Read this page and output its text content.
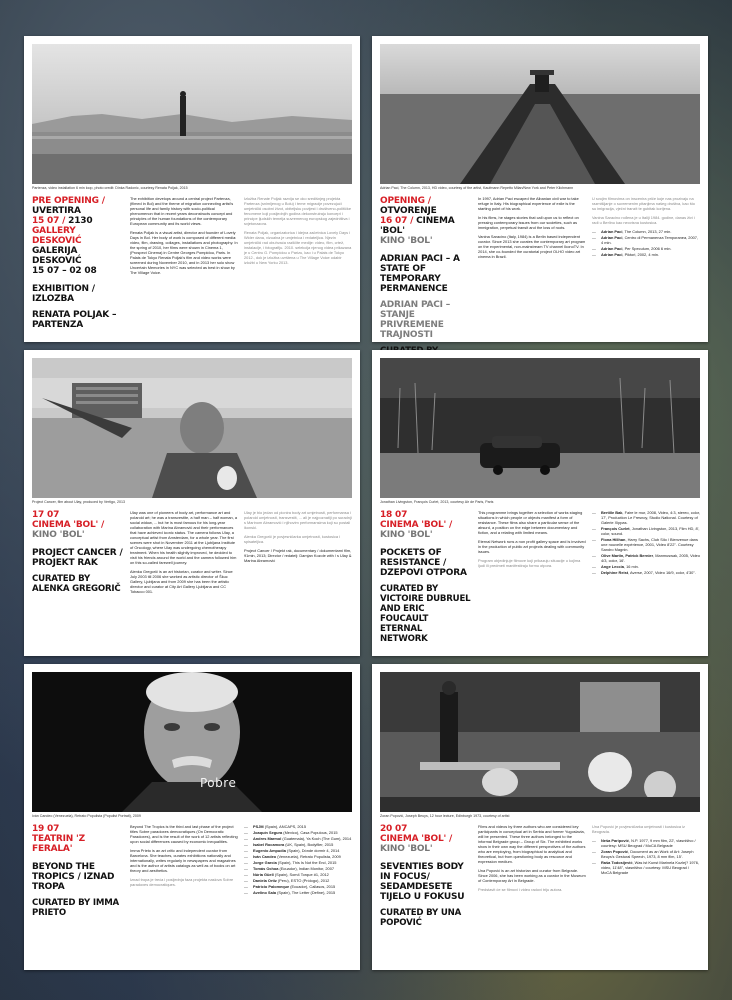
Partenza, video installation 6 min loop, photo credit: Dinka Radonic, courtesy Renata Poljak, 2015
PRE OPENING / UVERTIRA
15 07 / 2130
GALLERY DESKOVIĆ
GALERIJA DESKOVIĆ
15 07 – 02 08
EXHIBITION / IZLOZBA
RENATA POLJAK – PARTENZA

The exhibition develops around a central project Partenza, (filmed in Bol) and the theme of migration connecting artist's personal life and family history with socio-political phenomenon that in recent years deconstructs concept and principles of the human foundations of the contemporary European community and its world views.

Renata Poljak is a visual artist, director and founder of Lovely Days in Bol. Her body of work is composed of different media: video, film, drawing, collages, installations and photography. In the spring of 2010, her films were shown in Cinema 1, (Prospect Cinema) in Centre Georges Pompidou, Paris. In Palais de Tokyo Renata Poljak's film and video works were screened during November 2010, and in 2013 her solo show Uncertain Memories in NYC was selected as best in show by The Village Voice.

Izložba Renate Poljak razvija se oko središnjeg projekta Partenza (snimljenog u Bolu) i teme migracije povezujući umjetnički osobni život, obiteljsku povijest i društveno-političke fenomene koji posljednjih godina dekonstruiraju koncept i principe ljudskih temelja suvremenog europskog zajedništva i svjetonazora.

Renata Poljak, organizatorica i idejna začetnica Lovely Days i Wider dana, vizualna je umjetnica i redateljica. Njezin umjetnički rad obuhvaća različite medije: video, film, crtež, instalacije, i fotografiju. 2010. selekcija njenog videa prikazana je u Centru G. Pompidou u Parizu, kao i u Palais de Tokyo 2012., dok je izložba uvrštena u The Village Voice odabir izložbi u New Yorku 2013.

Adrian Paci, The Column, 2013, HD video, courtesy of the artist, Kaufmann Repetto Milan/New York and Peter Kilchmann
OPENING / OTVORENJE
16 07 / CINEMA 'BOL'
KINO 'BOL'
ADRIAN PACI – A STATE OF TEMPORARY PERMANENCE
ADRIAN PACI – STANJE PRIVREMENE TRAJNOSTI

In 1997, Adrian Paci escaped the Albanian civil war to take refuge in Italy. His biographical experience of exile is the starting point of his work.

In his films, he stages stories that call upon us to reflect on pressing contemporary issues from our societies, such as immigration, perpetual transit and the loss of roots.

Vanina Saracino (Italy, 1984) is a Berlin based independent curator. Since 2013 she curates the contemporary art program on the experimental, non-mainstream TV channel IkonoTV. In 2014, she co-founded the curatorial project OLHO video art cinema in Brazil.

U svojim filmovima on inscenira priče koje nas prozivaju na razmišljanje o suvremenim pitanjima našeg društva, kao što su imigracija, vječni tranzit te gubitak korijena.

Vanina Saracino rođena je u Italiji 1984. godine, danas živi i radi u Berlinu kao neovisna kustosica.

— Adrian Paci, The Column, 2013, 27 min.
— Adrian Paci, Centro di Permanenza Temporanea, 2007, 4 min.
— Adrian Paci, Per Speculum, 2006 6 min.
— Adrian Paci, Piktori, 2002, 4 min.
Project Cancer, film about Ulay, produced by Vertigo, 2013
17 07
CINEMA 'BOL' /
KINO 'BOL'
PROJECT CANCER / PROJEKT RAK
CURATED BY ALENKA GREGORIČ

Ulay was one of pioneers of body art, performance art and polaroid art; he was a transvestite, a half man – half woman, a social widow, ... but he is most famous for his long-year collaboration with Marina Abramović and their performances that have achieved iconic status. The camera follows Ulay, a conceptual artist from Amsterdam, for a whole year. The first scenes were shot in November 2011 at the Ljubljana Institute of Oncology, where Ulay was undergoing chemotherapy treatment. When his health slightly improved, he decided to visit his friends around the world and the camera followed him on this so-called farewell journey.

Alenka Gregorič is an art historian, curator and writer. Since July 2003 till 2006 she worked as artistic director of Škuc Gallery, Ljubljana and from 2009 she has been the artistic director and curator at City Art Gallery Ljubljana and CC Tobacco 001.

Ulay je bio jedan od pionira body art umjetnosti, performansa i polaroid umjetnosti, transvestit, ... ali je najpoznatiji po suradnji s Marinom Abramović i njihovim performansima koji su postali ikonski.

Alenka Gregorič je povjesničarka umjetnosti, kustosica i spisateljica.

Project Cancer / Projekt rak, documentary / dokumentarni film, 91min, 2013; Director / redatelj: Damjan Kozole with / s Ulay & Marina Abramović

Jonathan Livingston, François Curlet, 2013, courtesy Air de Paris, Paris
18 07
CINEMA 'BOL' /
KINO 'BOL'
POCKETS OF RESISTANCE / DZEPOVI OTPORA
CURATED BY VICTOIRE DUBRUEL AND ERIC FOUCAULT ETERNAL NETWORK

This programme brings together a selection of works staging situations in which people or objects manifest a form of resistance. These films also share a particular sense of the absurd, a position on the edge between documentary and fiction, and a relating with limited means.

Eternal Network runs a non profit gallery space and is involved in the production of public art projects dealing with community issues.

Program objedinjuje filmove koji prikazuju situacije u kojima ljudi ili predmeti manifestiraju formu otpora.

— Bertille Bak, Faire le mur, 2008, Video, 4:3, stereo, color, 17', Production Le Fresnoy, Studio National. Courtesy of Galerie Xippas.
— François Curlet, Jonathan Livingston, 2013, Film HD, 8', color, sound.
— Fiona Hillhan, Harry Sachs, Club Silo / Bienvenue dans une nouvelle expérience, 2001, Video 8'22''. Courtesy Sandro Magnin.
— Olive Martin, Patrick Bernier, Manmuswak, 2005, Video 4/3, color, 16'.
— Ange Leccia, 16 min.
— Delphine Reist, Averse, 2007, Video 16/9, color, 4'30''.
Pobre
Iván Candeo (Venezuela), Retrato Populista (Populist Portrait), 2009
19 07
TEATRIN 'Z FERALA'
BEYOND THE TROPICS / IZNAD TROPA
CURATED BY IMMA PRIETO

Beyond The Tropics is the third and last phase of the project titles Sobre paradoxes democratiques (On Democratic Paradoxes), and is the result of the work of 12 artists reflecting upon social differences caused by economic inequalities.

Imma Prieto is an art critic and independent curator from Barcelona. She teaches, curates exhibitions nationally and internationally, writes regularly in newspapers and magazines and is the author of artists catalogs as well as of books on art theory and aesthetics.

Iznad tropa je treća i posljednja faza projekta naslova Sobre paradoxes democratiques.

— PSJM (Spain), ANCAPS, 2015
— Joaquín Segura (Mexico), Casa Populous, 2015
— Andres Marmol (Guatemala), Ya Koch (The Gum), 2014
— Isabel Rocamora (UK, Spain), Bodyfiler, 2015
— Eugenio Ampudia (Spain), Dónde dormir 4, 2014
— Iván Candeo (Venezuela), Retrato Populista, 2009
— Jorge Garcia (Spain), This Is Not the End, 2015
— Tomás Ochoa (Ecuador), Indian Monitor, 2007
— Núria Güell (Spain), Som4 Torque #1, 2012
— Daniela Ortiz (Peru), ESTO (Prólogo), 2012
— Patricio Palomeque (Ecuador), Callasos, 2015
— Avelino Sala (Spain), The Letter (Define), 2015
Zoran Popović, Joseph Beuys, 12 hour lecture, Edinburgh 1973, courtesy of artist
20 07
CINEMA 'BOL' /
KINO 'BOL'
SEVENTIES BODY IN FOCUS/ SEDAMDESETE TIJELO U FOKUSU
CURATED BY UNA POPOVIĆ

Films and videos by three authors who are considered key participants in conceptual art in Serbia and former Yugoslavia, will be presented. These three authors belonged to the informal Belgrade group – Group of Six. The exhibited works show in their own way the different perspectives of the authors who are employing, from biographical to analytical and theoretical, but from questioning body as resource and expression medium.

Una Popović is an art historian and curator from Belgrade. Since 2006, she has been working as a curator in the Museum of Contemporary Art in Belgrade.

Predstavit će se filmovi i video radovi triju autora.

Una Popović je povjesničarka umjetnosti i kustosica iz Beograda.

— Neša Paripović, N.P. 1977, 9 mm film, 22', vlasništvo / courtesy: MSU Beograd / MoCA Belgrade
— Zoran Popović, Document as an Work of Art: Joseph Beuys's Gestural Speech, 1973, 8 mm film, 15'.
— Raša Todosijević, Was ist Kunst Marinela Kozlej? 1976, video, 11'48'', vlasništvo / courtesy: MSU Beograd / MoCA Belgrade
